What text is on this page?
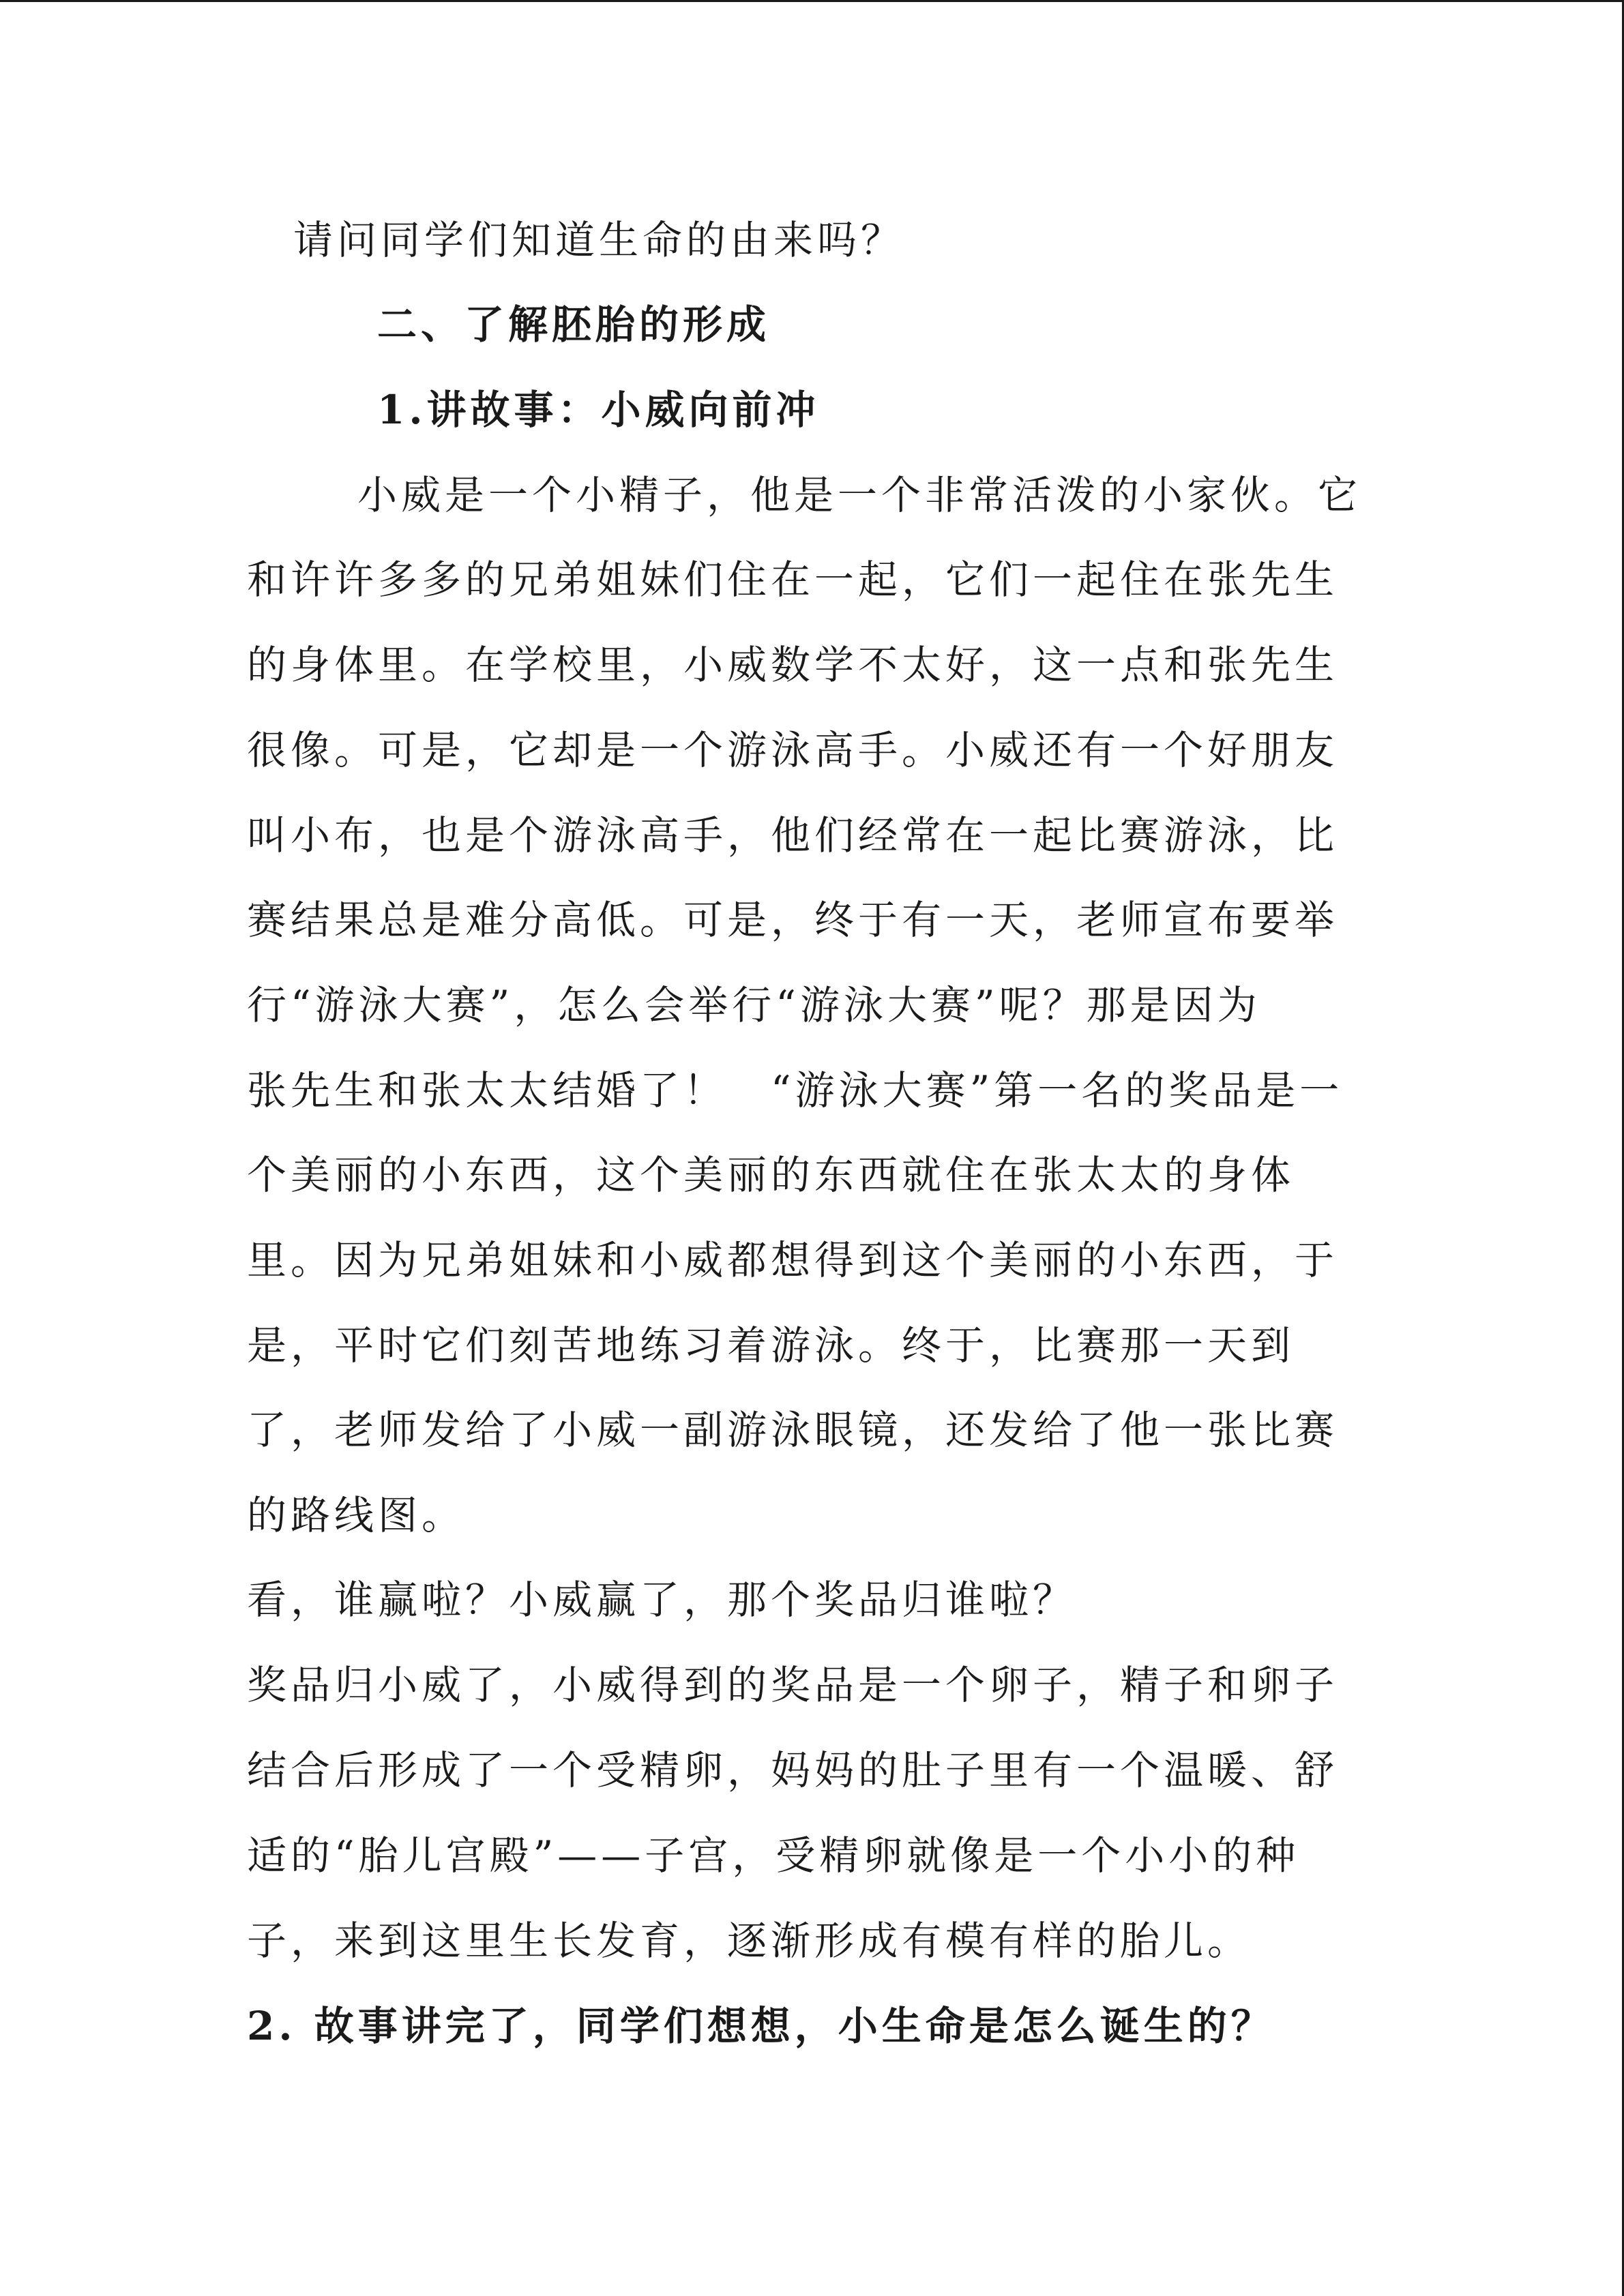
请问同学们知道生命的由来吗？
二、了解胚胎的形成
1.讲故事：小威向前冲
小威是一个小精子，他是一个非常活泼的小家伙。它
和许许多多的兄弟姐妹们住在一起，它们一起住在张先生
的身体里。在学校里，小威数学不太好，这一点和张先生
很像。可是，它却是一个游泳高手。小威还有一个好朋友
叫小布，也是个游泳高手，他们经常在一起比赛游泳，比
赛结果总是难分高低。可是，终于有一天，老师宣布要举
行“游泳大赛”，怎么会举行“游泳大赛”呢？那是因为
张先生和张太太结婚了！　“游泳大赛”第一名的奖品是一
个美丽的小东西，这个美丽的东西就住在张太太的身体
里。因为兄弟姐妹和小威都想得到这个美丽的小东西，于
是，平时它们刻苦地练习着游泳。终于，比赛那一天到
了，老师发给了小威一副游泳眼镜，还发给了他一张比赛
的路线图。
看，谁赢啦？小威赢了，那个奖品归谁啦？
奖品归小威了，小威得到的奖品是一个卵子，精子和卵子
结合后形成了一个受精卵，妈妈的肚子里有一个温暖、舒
适的“胎儿宫殿”——子宫，受精卵就像是一个小小的种
子，来到这里生长发育，逐渐形成有模有样的胎儿。
2. 故事讲完了，同学们想想，小生命是怎么诞生的？
